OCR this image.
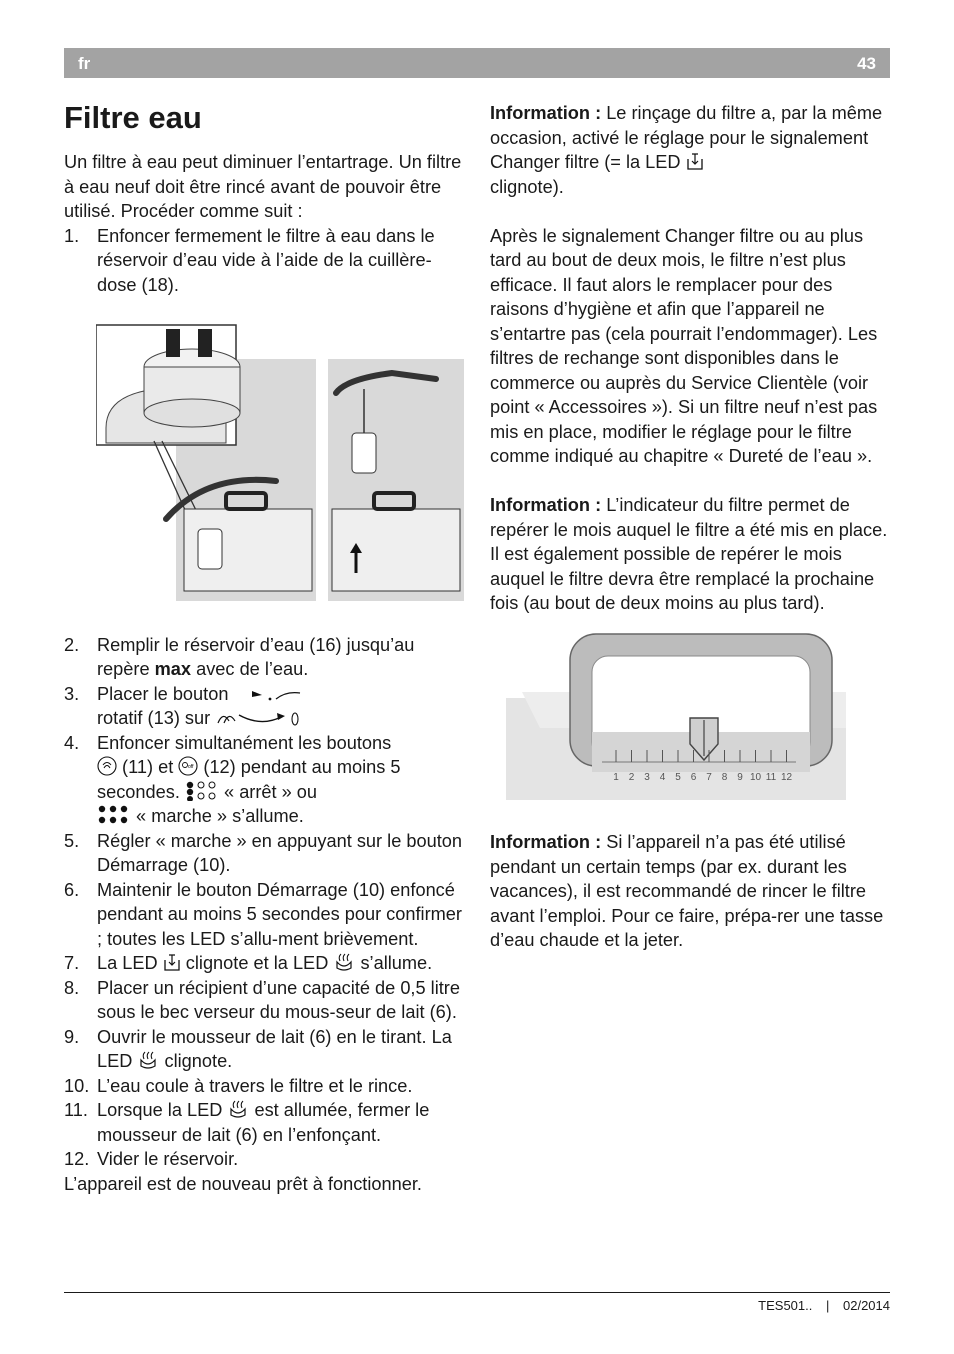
fr	43
Filtre eau

Un filtre à eau peut diminuer l’entartrage. Un filtre à eau neuf doit être rincé avant de pouvoir être utilisé. Procéder comme suit :

1. Enfoncer fermement le filtre à eau dans le réservoir d’eau vide à l’aide de la cuillère-dose (18).
2. Remplir le réservoir d’eau (16) jusqu’au repère max avec de l’eau.
3. Placer le bouton
rotatif (13) sur
4. Enfoncer simultanément les boutons
(11) et off (12) pendant au moins 5 secondes.  « arrêt » ou
« marche » s’allume.
5. Régler « marche » en appuyant sur le bouton Démarrage (10).
6. Maintenir le bouton Démarrage (10) enfoncé pendant au moins 5 secondes pour confirmer ; toutes les LED s’allu-ment brièvement.
7. La LED  clignote et la LED  s’allume.
8. Placer un récipient d’une capacité de 0,5 litre sous le bec verseur du mous-seur de lait (6).
9. Ouvrir le mousseur de lait (6) en le tirant. La LED  clignote.
10. L’eau coule à travers le filtre et le rince.
11. Lorsque la LED  est allumée, fermer le mousseur de lait (6) en l’enfonçant.
12. Vider le réservoir.

L’appareil est de nouveau prêt à fonctionner.

Information : Le rinçage du filtre a, par la même occasion, activé le réglage pour le signalement Changer filtre (= la LED
clignote).

Après le signalement Changer filtre ou au plus tard au bout de deux mois, le filtre n’est plus efficace. Il faut alors le remplacer pour des raisons d’hygiène et afin que l’appareil ne s’entartre pas (cela pourrait l’endommager). Les filtres de rechange sont disponibles dans le commerce ou auprès du Service Clientèle (voir point « Accessoires »). Si un filtre neuf n’est pas mis en place, modifier le réglage pour le filtre comme indiqué au chapitre « Dureté de l’eau ».

Information : L’indicateur du filtre permet de repérer le mois auquel le filtre a été mis en place. Il est également possible de repérer le mois auquel le filtre devra être remplacé la prochaine fois (au bout de deux moins au plus tard).

1 2 3 4 5 6 7 8 9 10 11 12

Information : Si l’appareil n’a pas été utilisé pendant un certain temps (par ex. durant les vacances), il est recommandé de rincer le filtre avant l’emploi. Pour ce faire, prépa-rer une tasse d’eau chaude et la jeter.

TES501.. | 02/2014
